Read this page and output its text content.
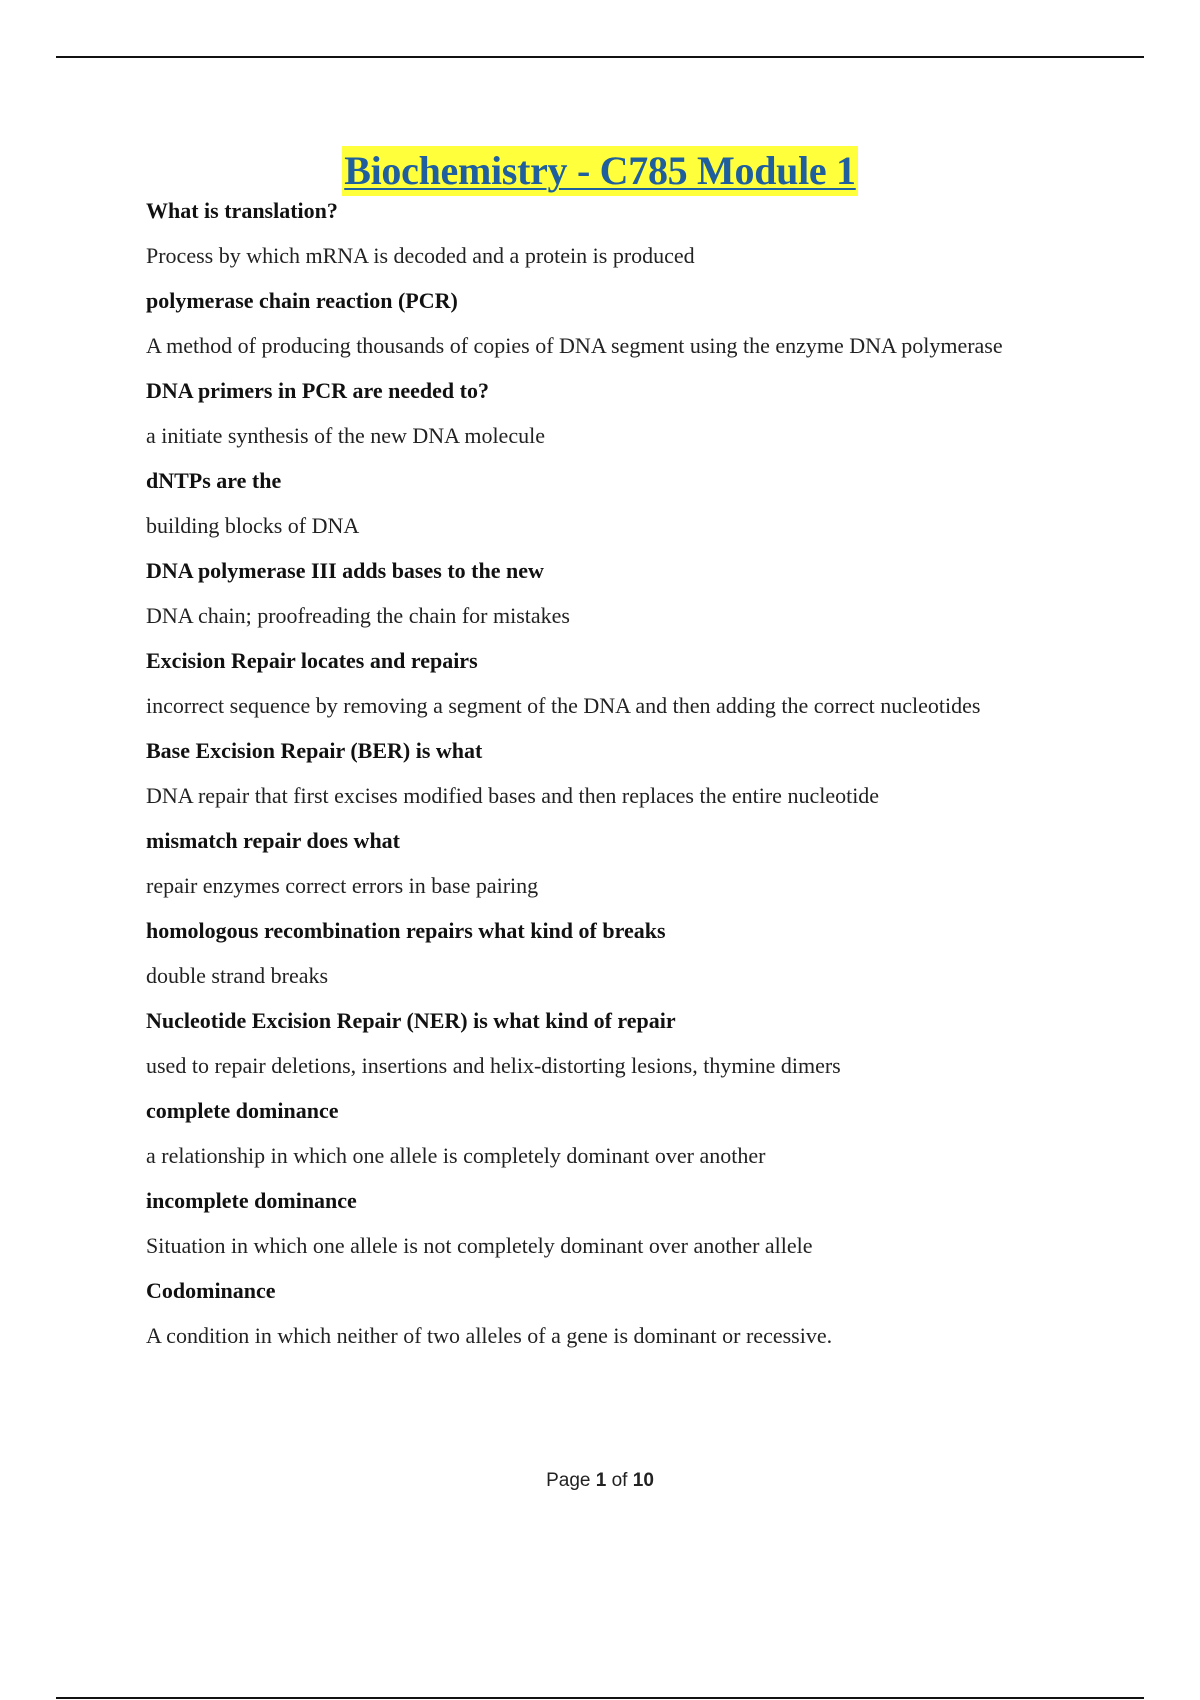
Biochemistry - C785 Module 1

What is translation?

Process by which mRNA is decoded and a protein is produced

polymerase chain reaction (PCR)

A method of producing thousands of copies of DNA segment using the enzyme DNA polymerase

DNA primers in PCR are needed to?

a initiate synthesis of the new DNA molecule

dNTPs are the

building blocks of DNA

DNA polymerase III adds bases to the new

DNA chain; proofreading the chain for mistakes

Excision Repair locates and repairs

incorrect sequence by removing a segment of the DNA and then adding the correct nucleotides

Base Excision Repair (BER) is what

DNA repair that first excises modified bases and then replaces the entire nucleotide

mismatch repair does what

repair enzymes correct errors in base pairing

homologous recombination repairs what kind of breaks

double strand breaks

Nucleotide Excision Repair (NER) is what kind of repair

used to repair deletions, insertions and helix-distorting lesions, thymine dimers

complete dominance

a relationship in which one allele is completely dominant over another

incomplete dominance

Situation in which one allele is not completely dominant over another allele

Codominance

A condition in which neither of two alleles of a gene is dominant or recessive.

Page 1 of 10
